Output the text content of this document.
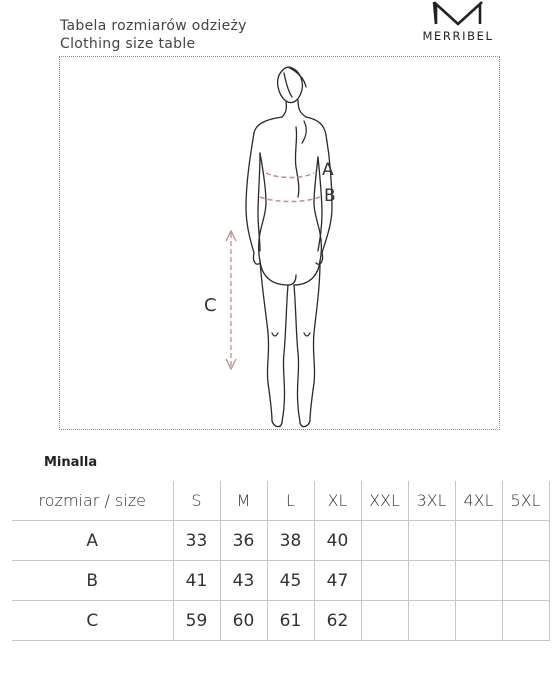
Tabela rozmiarów odzieży
Clothing size table	MERRIBEL
A
B
C
Minalla
rozmiar / size	S	M	L	XL	XXL	3XL	4XL	5XL
A	33	36	38	40				
B	41	43	45	47				
C	59	60	61	62				
